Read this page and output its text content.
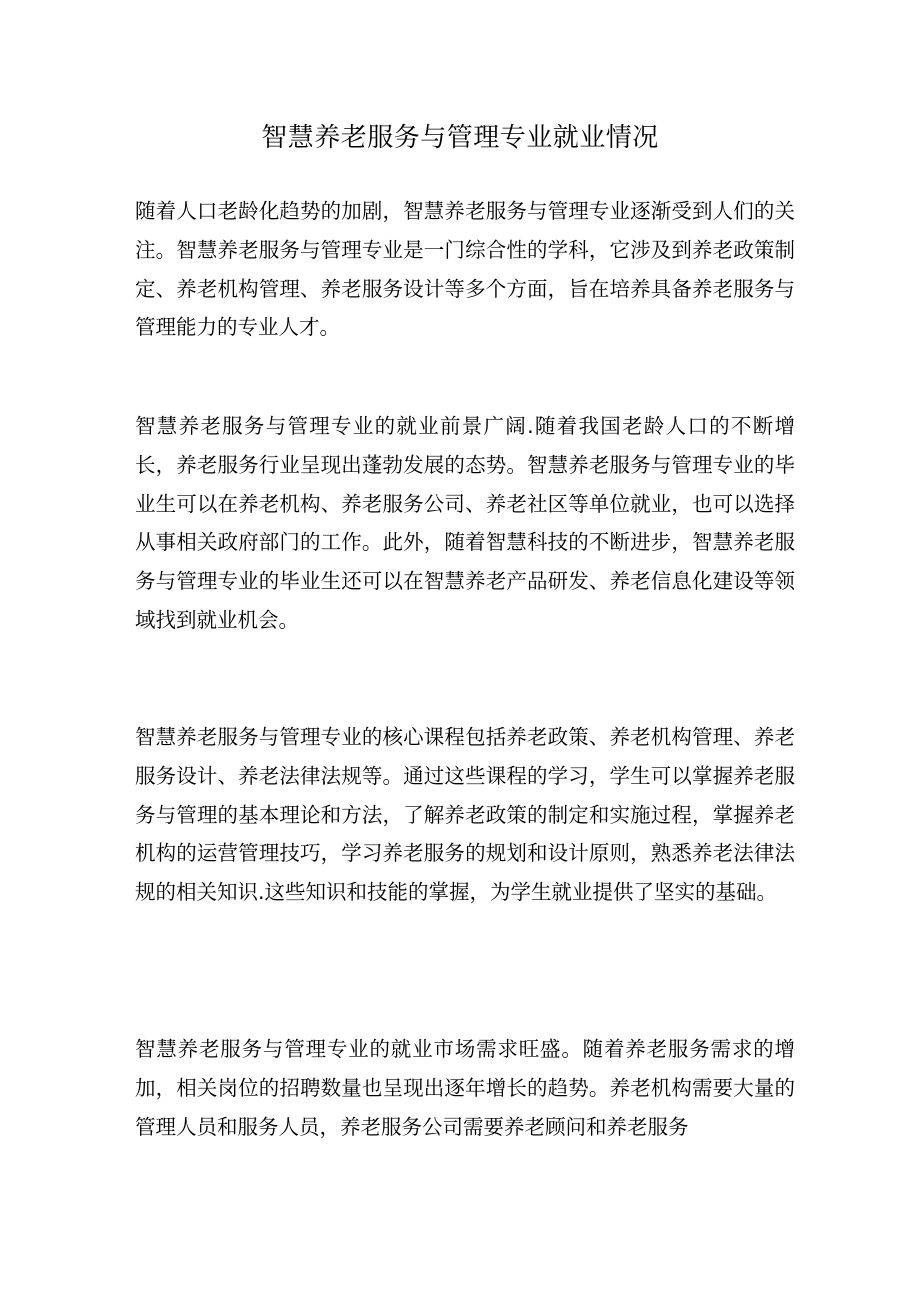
智慧养老服务与管理专业就业情况

随着人口老龄化趋势的加剧，智慧养老服务与管理专业逐渐受到人们的关注。智慧养老服务与管理专业是一门综合性的学科，它涉及到养老政策制定、养老机构管理、养老服务设计等多个方面，旨在培养具备养老服务与管理能力的专业人才。

智慧养老服务与管理专业的就业前景广阔.随着我国老龄人口的不断增长，养老服务行业呈现出蓬勃发展的态势。智慧养老服务与管理专业的毕业生可以在养老机构、养老服务公司、养老社区等单位就业，也可以选择从事相关政府部门的工作。此外，随着智慧科技的不断进步，智慧养老服务与管理专业的毕业生还可以在智慧养老产品研发、养老信息化建设等领域找到就业机会。

智慧养老服务与管理专业的核心课程包括养老政策、养老机构管理、养老服务设计、养老法律法规等。通过这些课程的学习，学生可以掌握养老服务与管理的基本理论和方法，了解养老政策的制定和实施过程，掌握养老机构的运营管理技巧，学习养老服务的规划和设计原则，熟悉养老法律法规的相关知识.这些知识和技能的掌握，为学生就业提供了坚实的基础。

智慧养老服务与管理专业的就业市场需求旺盛。随着养老服务需求的增加，相关岗位的招聘数量也呈现出逐年增长的趋势。养老机构需要大量的管理人员和服务人员，养老服务公司需要养老顾问和养老服务
